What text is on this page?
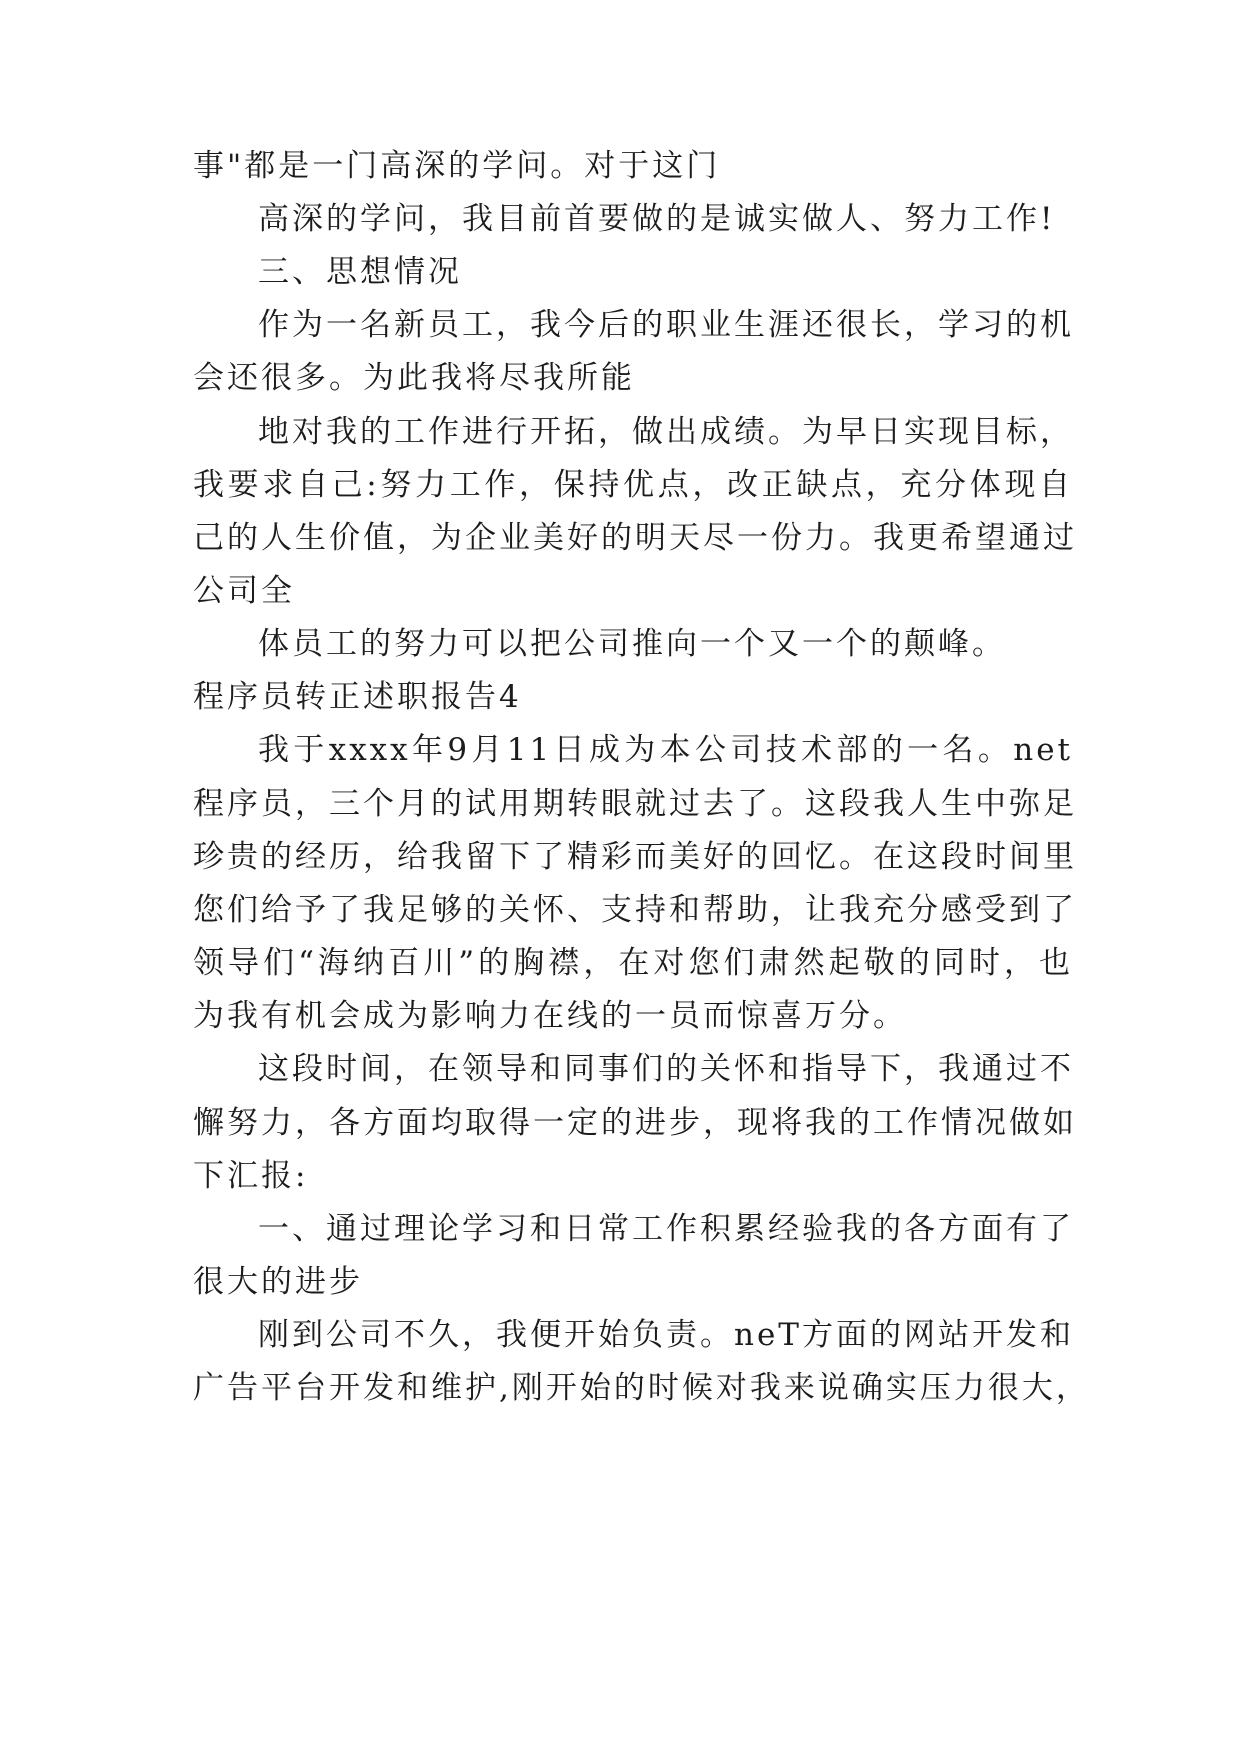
事"都是一门高深的学问。对于这门
高深的学问，我目前首要做的是诚实做人、努力工作!
三、思想情况
作为一名新员工，我今后的职业生涯还很长，学习的机
会还很多。为此我将尽我所能
地对我的工作进行开拓，做出成绩。为早日实现目标，
我要求自己:努力工作，保持优点，改正缺点，充分体现自
己的人生价值，为企业美好的明天尽一份力。我更希望通过
公司全
体员工的努力可以把公司推向一个又一个的颠峰。
程序员转正述职报告4
我于xxxx年9月11日成为本公司技术部的一名。net
程序员，三个月的试用期转眼就过去了。这段我人生中弥足
珍贵的经历，给我留下了精彩而美好的回忆。在这段时间里
您们给予了我足够的关怀、支持和帮助，让我充分感受到了
领导们“海纳百川”的胸襟，在对您们肃然起敬的同时，也
为我有机会成为影响力在线的一员而惊喜万分。
这段时间，在领导和同事们的关怀和指导下，我通过不
懈努力，各方面均取得一定的进步，现将我的工作情况做如
下汇报:
一、通过理论学习和日常工作积累经验我的各方面有了
很大的进步
刚到公司不久，我便开始负责。neT方面的网站开发和
广告平台开发和维护,刚开始的时候对我来说确实压力很大，
